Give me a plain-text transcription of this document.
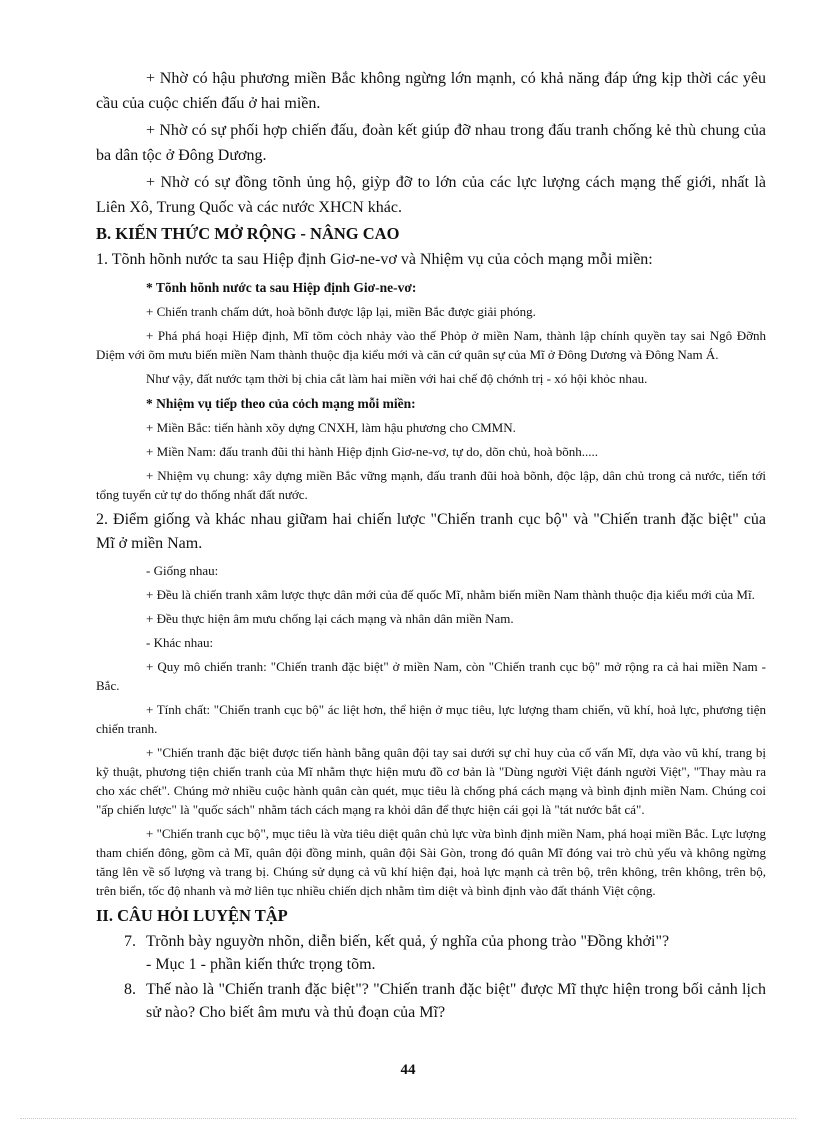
+ Nhờ có hậu phương miền Bắc không ngừng lớn mạnh, có khả năng đáp ứng kịp thời các yêu cầu của cuộc chiến đấu ở hai miền.

+ Nhờ có sự phối hợp chiến đấu, đoàn kết giúp đỡ nhau trong đấu tranh chống kẻ thù chung của ba dân tộc ở Đông Dương.

+ Nhờ có sự đồng tõnh ủng hộ, giỳp đỡ to lớn của các lực lượng cách mạng thế giới, nhất là Liên Xô, Trung Quốc và các nước XHCN khác.

B. KIẾN THỨC MỞ RỘNG - NÂNG CAO

1. Tõnh hõnh nước ta sau Hiệp định Giơ-ne-vơ và Nhiệm vụ của cỏch mạng mỗi miền:

* Tõnh hõnh nước ta sau Hiệp định Giơ-ne-vơ:

+ Chiến tranh chấm dứt, hoà bõnh được lập lại, miền Bắc được giải phóng.

+ Phá phá hoại Hiệp định, Mĩ tõm cỏch nhảy vào thế Phỏp ở miền Nam, thành lập chính quyền tay sai Ngô Đỡnh Diệm với õm mưu biến miền Nam thành thuộc địa kiểu mới và căn cứ quân sự của Mĩ ở Đông Dương và Đông Nam Á.

Như vậy, đất nước tạm thời bị chia cắt làm hai miền với hai chế độ chớnh trị - xó hội khỏc nhau.

* Nhiệm vụ tiếp theo của cỏch mạng mỗi miền:

+ Miền Bắc: tiến hành xõy dựng CNXH, làm hậu phương cho CMMN.

+ Miền Nam: đấu tranh đũi thi hành Hiệp định Giơ-ne-vơ, tự do, dõn chủ, hoà bõnh.....

+ Nhiệm vụ chung: xây dựng miền Bắc vững mạnh, đấu tranh đũi hoà bõnh, độc lập, dân chủ trong cả nước, tiến tới tổng tuyển cử tự do thống nhất đất nước.

2. Điểm giống và khác nhau giữam hai chiến lược "Chiến tranh cục bộ" và "Chiến tranh đặc biệt" của Mĩ ở miền Nam.

- Giống nhau:

+ Đều là chiến tranh xâm lược thực dân mới của đế quốc Mĩ, nhằm biến miền Nam thành thuộc địa kiểu mới của Mĩ.

+ Đều thực hiện âm mưu chống lại cách mạng và nhân dân miền Nam.

- Khác nhau:

+ Quy mô chiến tranh: "Chiến tranh đặc biệt" ở miền Nam, còn "Chiến tranh cục bộ" mở rộng ra cả hai miền Nam - Bắc.

+ Tính chất: "Chiến tranh cục bộ" ác liệt hơn, thể hiện ở mục tiêu, lực lượng tham chiến, vũ khí, hoả lực, phương tiện chiến tranh.

+ "Chiến tranh đặc biệt được tiến hành bằng quân đội tay sai dưới sự chỉ huy của cố vấn Mĩ, dựa vào vũ khí, trang bị kỹ thuật, phương tiện chiến tranh của Mĩ nhằm thực hiện mưu đồ cơ bản là "Dùng người Việt đánh người Việt", "Thay màu ra cho xác chết". Chúng mở nhiều cuộc hành quân càn quét, mục tiêu là chống phá cách mạng và bình định miền Nam. Chúng coi "ấp chiến lược" là "quốc sách" nhằm tách cách mạng ra khỏi dân để thực hiện cái gọi là "tát nước bắt cá".

+ "Chiến tranh cục bộ", mục tiêu là vừa tiêu diệt quân chủ lực vừa bình định miền Nam, phá hoại miền Bắc. Lực lượng tham chiến đông, gồm cả Mĩ, quân đội đồng minh, quân đội Sài Gòn, trong đó quân Mĩ đóng vai trò chủ yếu và không ngừng tăng lên về số lượng và trang bị. Chúng sử dụng cả vũ khí hiện đại, hoả lực mạnh cả trên bộ, trên không, trên không, trên bộ, trên biển, tốc độ nhanh và mở liên tục nhiều chiến dịch nhằm tìm diệt và bình định vào đất thánh Việt cộng.

II. CÂU HỎI LUYỆN TẬP

7. Trõnh bày nguyờn nhõn, diễn biến, kết quả, ý nghĩa của phong trào "Đồng khởi"?

- Mục 1 - phần kiến thức trọng tõm.

8. Thế nào là "Chiến tranh đặc biệt"? "Chiến tranh đặc biệt" được Mĩ thực hiện trong bối cảnh lịch sử nào? Cho biết âm mưu và thủ đoạn của Mĩ?
44
